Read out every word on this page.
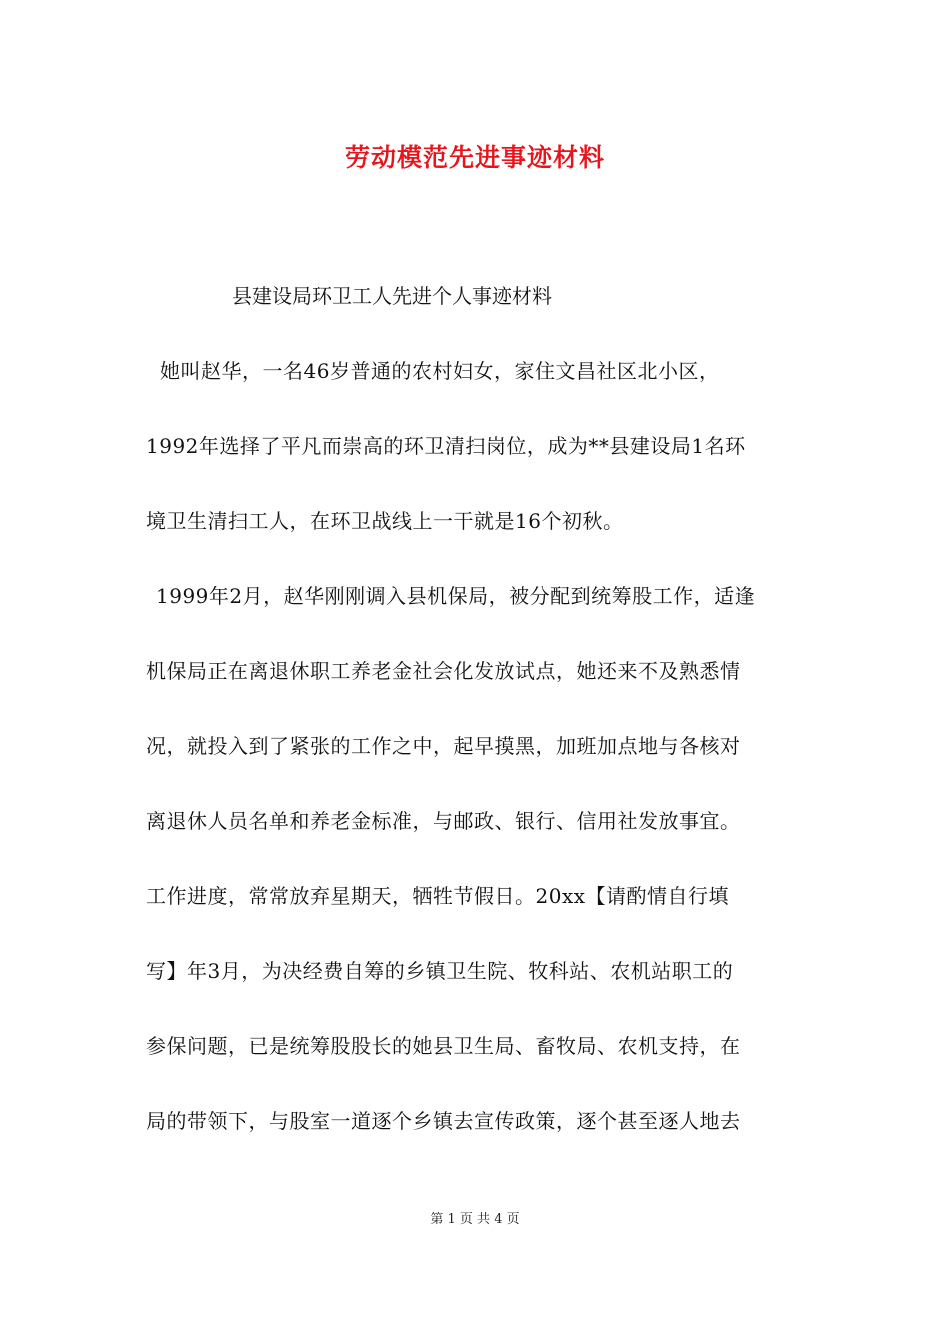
劳动模范先进事迹材料
县建设局环卫工人先进个人事迹材料
她叫赵华，一名46岁普通的农村妇女，家住文昌社区北小区，
1992年选择了平凡而崇高的环卫清扫岗位，成为**县建设局1名环
境卫生清扫工人，在环卫战线上一干就是16个初秋。
1999年2月，赵华刚刚调入县机保局，被分配到统筹股工作，适逢
机保局正在离退休职工养老金社会化发放试点，她还来不及熟悉情
况，就投入到了紧张的工作之中，起早摸黑，加班加点地与各核对
离退休人员名单和养老金标准，与邮政、银行、信用社发放事宜。
工作进度，常常放弃星期天，牺牲节假日。20xx【请酌情自行填
写】年3月，为决经费自筹的乡镇卫生院、牧科站、农机站职工的
参保问题，已是统筹股股长的她县卫生局、畜牧局、农机支持，在
局的带领下，与股室一道逐个乡镇去宣传政策，逐个甚至逐人地去
第 1 页 共 4 页
